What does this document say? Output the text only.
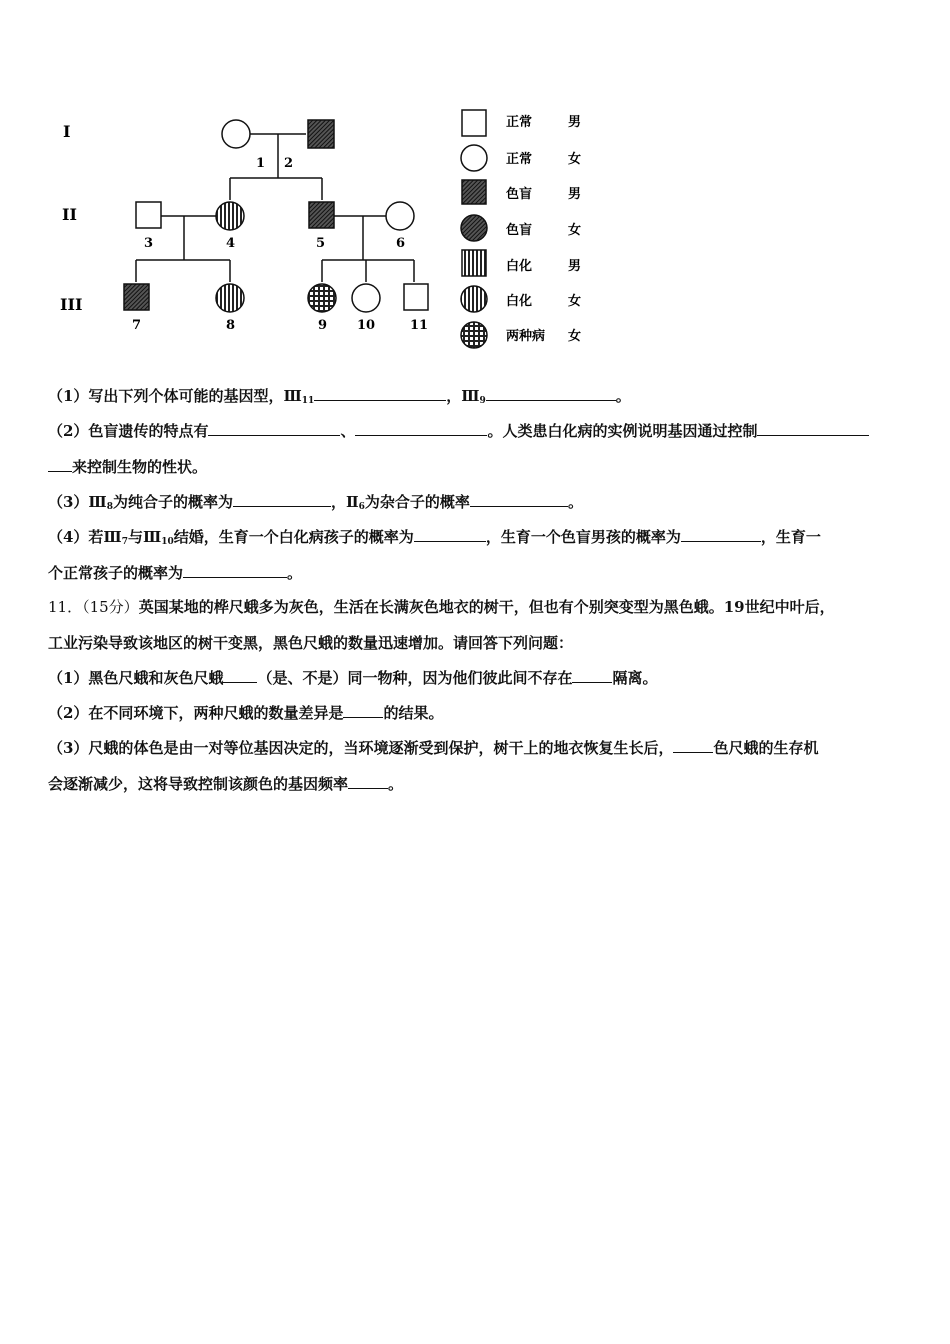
I
II
III
1 2
3	4	5	6
7	8	9 10	11
正常	男
正常	女
色盲	男
色盲	女
白化	男
白化	女
两种病 女
（1）写出下列个体可能的基因型，$Ⅲ_{11}$	，$Ⅲ_9$	。
（2）色盲遗传的特点有	、	。人类患白化病的实例说明基因通过控制
来控制生物的性状。
$(3)Ⅲ_8$为纯合子的概率为	，$Ⅱ_6$为杂合子的概率	。
（4）若$Ⅲ_7$与$Ⅲ_{10}$结婚，生育一个白化病孩子的概率为	，生育一个色盲男孩的概率为	，生育一
个正常孩子的概率为	。
11．（15分）英国某地的桦尺蛾多为灰色，生活在长满灰色地衣的树干，但也有个别突变型为黑色蛾。19世纪中叶后，
工业污染导致该地区的树干变黑，黑色尺蛾的数量迅速增加。请回答下列问题：
（1）黑色尺蛾和灰色尺蛾 （是、不是）同一物种，因为他们彼此间不存在	隔离。
（2）在不同环境下，两种尺蛾的数量差异是	的结果。
（3）尺蛾的体色是由一对等位基因决定的，当环境逐渐受到保护，树干上的地衣恢复生长后，	色尺蛾的生存机
会逐渐减少，这将导致控制该颜色的基因频率	。
